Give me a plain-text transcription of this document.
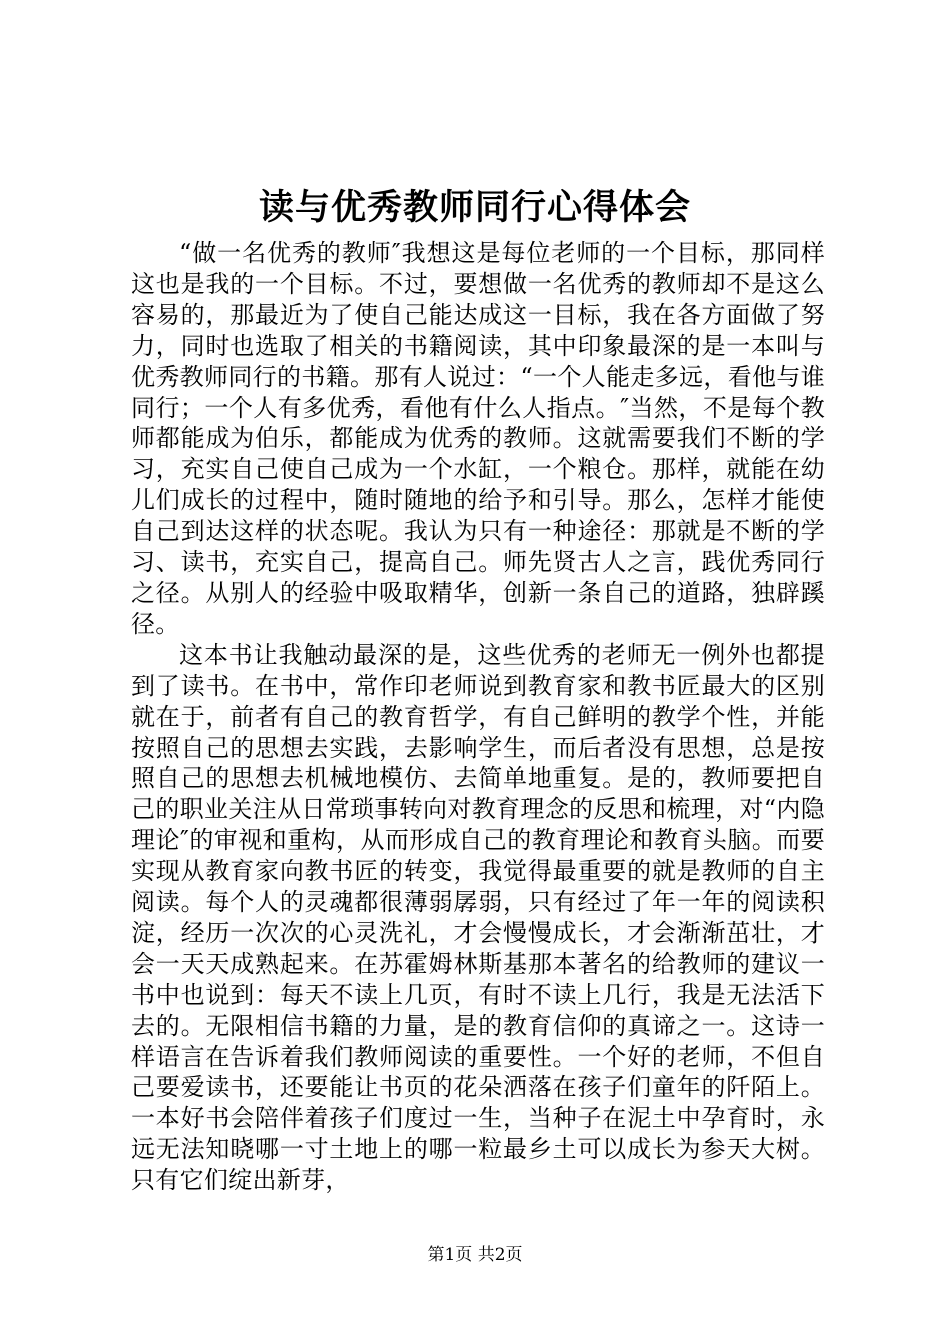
读与优秀教师同行心得体会

“做一名优秀的教师″我想这是每位老师的一个目标，那同样这也是我的一个目标。不过，要想做一名优秀的教师却不是这么容易的，那最近为了使自己能达成这一目标，我在各方面做了努力，同时也选取了相关的书籍阅读，其中印象最深的是一本叫与优秀教师同行的书籍。那有人说过：“一个人能走多远，看他与谁同行；一个人有多优秀，看他有什么人指点。″当然，不是每个教师都能成为伯乐，都能成为优秀的教师。这就需要我们不断的学习，充实自己使自己成为一个水缸，一个粮仓。那样，就能在幼儿们成长的过程中，随时随地的给予和引导。那么，怎样才能使自己到达这样的状态呢。我认为只有一种途径：那就是不断的学习、读书，充实自己，提高自己。师先贤古人之言，践优秀同行之径。从别人的经验中吸取精华，创新一条自己的道路，独辟蹊径。

这本书让我触动最深的是，这些优秀的老师无一例外也都提到了读书。在书中，常作印老师说到教育家和教书匠最大的区别就在于，前者有自己的教育哲学，有自己鲜明的教学个性，并能按照自己的思想去实践，去影响学生，而后者没有思想，总是按照自己的思想去机械地模仿、去简单地重复。是的，教师要把自己的职业关注从日常琐事转向对教育理念的反思和梳理，对“内隐理论″的审视和重构，从而形成自己的教育理论和教育头脑。而要实现从教育家向教书匠的转变，我觉得最重要的就是教师的自主阅读。每个人的灵魂都很薄弱孱弱，只有经过了年一年的阅读积淀，经历一次次的心灵洗礼，才会慢慢成长，才会渐渐茁壮，才会一天天成熟起来。在苏霍姆林斯基那本著名的给教师的建议一书中也说到：每天不读上几页，有时不读上几行，我是无法活下去的。无限相信书籍的力量，是的教育信仰的真谛之一。这诗一样语言在告诉着我们教师阅读的重要性。一个好的老师，不但自己要爱读书，还要能让书页的花朵洒落在孩子们童年的阡陌上。一本好书会陪伴着孩子们度过一生，当种子在泥土中孕育时，永远无法知晓哪一寸土地上的哪一粒最乡土可以成长为参天大树。只有它们绽出新芽，

第1页 共2页
